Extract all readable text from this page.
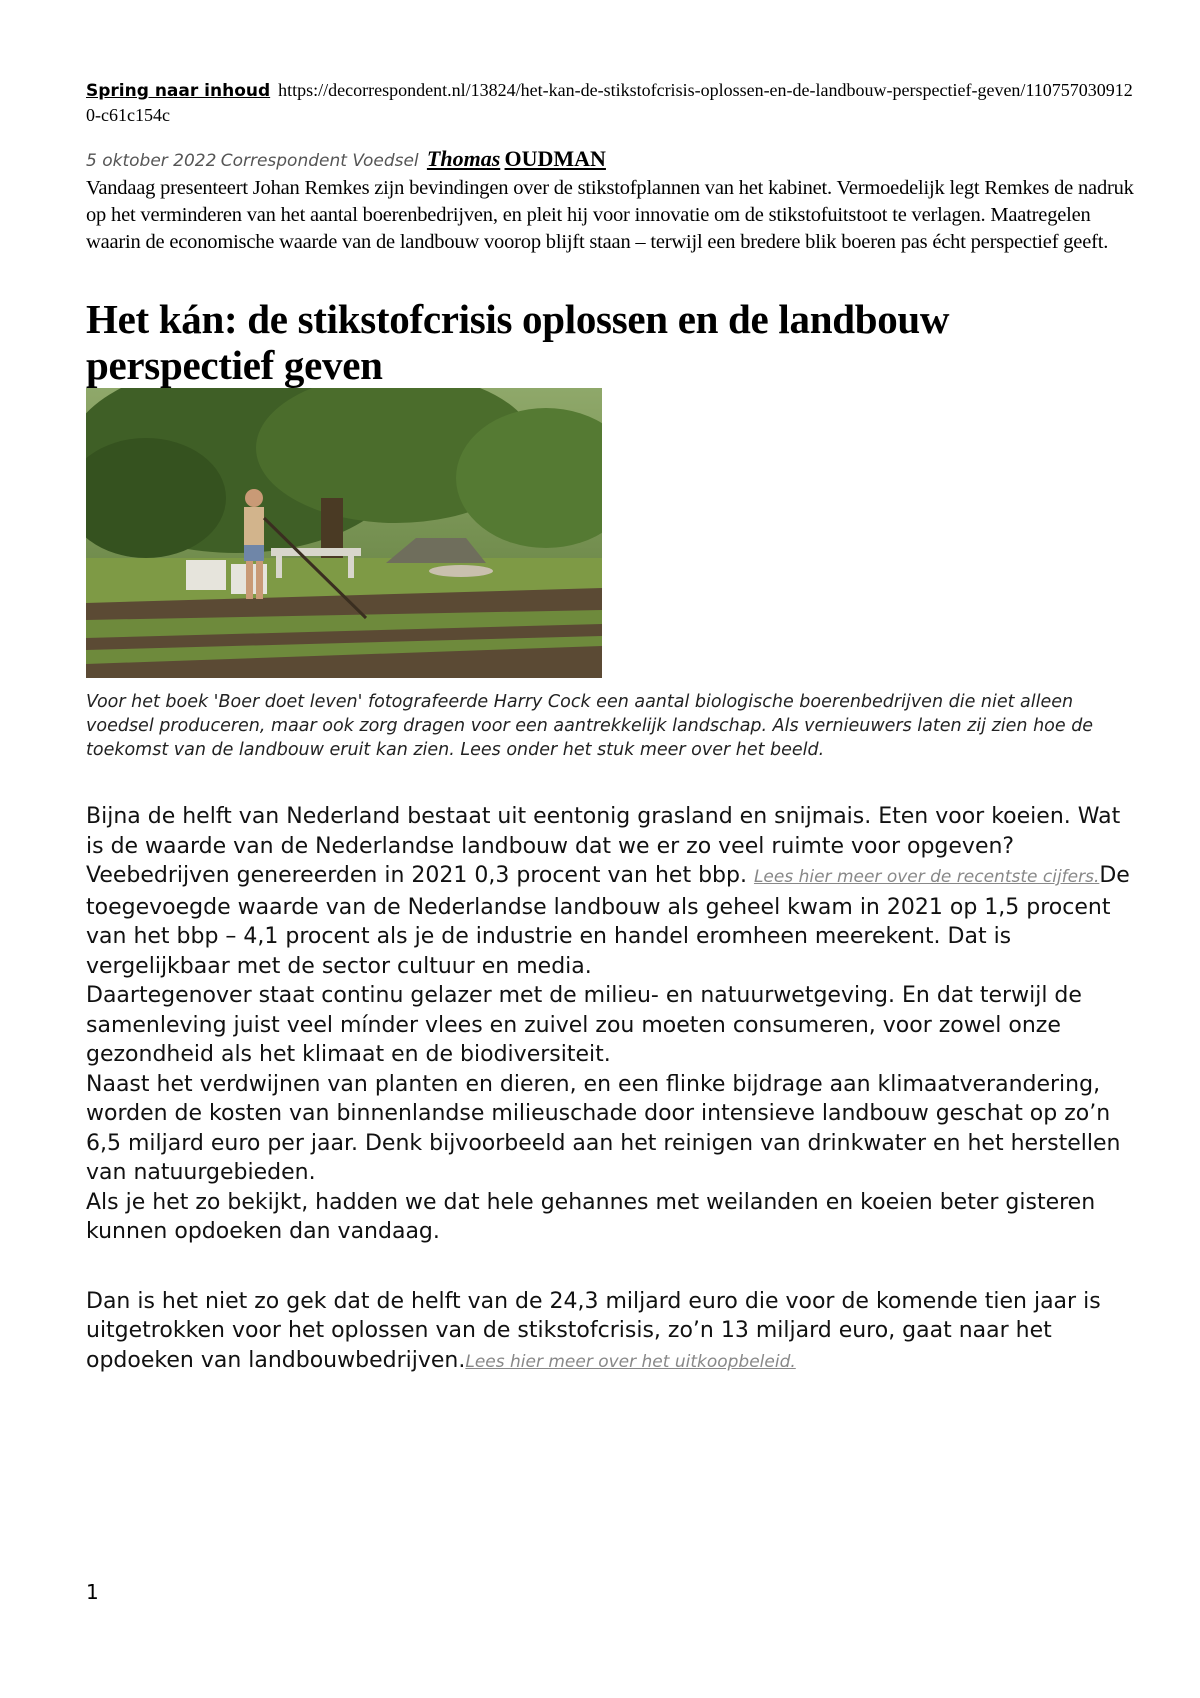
Spring naar inhoud https://decorrespondent.nl/13824/het-kan-de-stikstofcrisis-oplossen-en-de-landbouw-perspectief-geven/1107570309120-c61c154c

5 oktober 2022 Correspondent Voedsel Thomas OUDMAN

Vandaag presenteert Johan Remkes zijn bevindingen over de stikstofplannen van het kabinet. Vermoedelijk legt Remkes de nadruk op het verminderen van het aantal boerenbedrijven, en pleit hij voor innovatie om de stikstofuitstoot te verlagen. Maatregelen waarin de economische waarde van de landbouw voorop blijft staan – terwijl een bredere blik boeren pas écht perspectief geeft.

Het kán: de stikstofcrisis oplossen en de landbouw perspectief geven

Voor het boek 'Boer doet leven' fotografeerde Harry Cock een aantal biologische boerenbedrijven die niet alleen voedsel produceren, maar ook zorg dragen voor een aantrekkelijk landschap. Als vernieuwers laten zij zien hoe de toekomst van de landbouw eruit kan zien. Lees onder het stuk meer over het beeld.

Bijna de helft van Nederland bestaat uit eentonig grasland en snijmais. Eten voor koeien. Wat is de waarde van de Nederlandse landbouw dat we er zo veel ruimte voor opgeven?

Veebedrijven genereerden in 2021 0,3 procent van het bbp. Lees hier meer over de recentste cijfers.De toegevoegde waarde van de Nederlandse landbouw als geheel kwam in 2021 op 1,5 procent van het bbp – 4,1 procent als je de industrie en handel eromheen meerekent. Dat is vergelijkbaar met de sector cultuur en media.

Daartegenover staat continu gelazer met de milieu- en natuurwetgeving. En dat terwijl de samenleving juist veel mínder vlees en zuivel zou moeten consumeren, voor zowel onze gezondheid als het klimaat en de biodiversiteit.

Naast het verdwijnen van planten en dieren, en een flinke bijdrage aan klimaatverandering, worden de kosten van binnenlandse milieuschade door intensieve landbouw geschat op zo’n 6,5 miljard euro per jaar. Denk bijvoorbeeld aan het reinigen van drinkwater en het herstellen van natuurgebieden.

Als je het zo bekijkt, hadden we dat hele gehannes met weilanden en koeien beter gisteren kunnen opdoeken dan vandaag.

Dan is het niet zo gek dat de helft van de 24,3 miljard euro die voor de komende tien jaar is uitgetrokken voor het oplossen van de stikstofcrisis, zo’n 13 miljard euro, gaat naar het opdoeken van landbouwbedrijven.Lees hier meer over het uitkoopbeleid.

1
